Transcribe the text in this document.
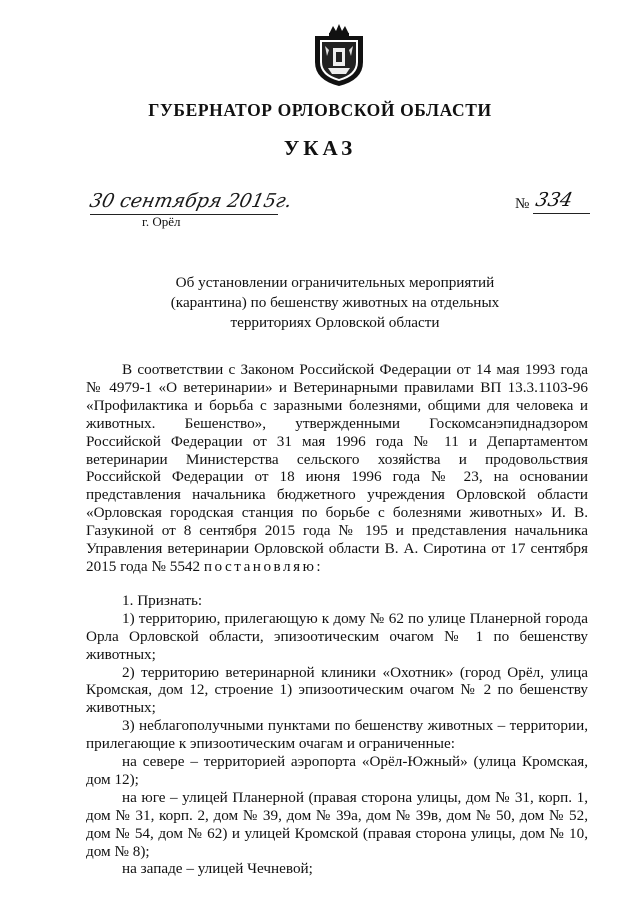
ГУБЕРНАТОР ОРЛОВСКОЙ ОБЛАСТИ
УКАЗ
30 сентября 2015г.
г. Орёл
№ 334
Об установлении ограничительных мероприятий
(карантина) по бешенству животных на отдельных
территориях Орловской области

В соответствии с Законом Российской Федерации от 14 мая 1993 года № 4979-1 «О ветеринарии» и Ветеринарными правилами ВП 13.3.1103-96 «Профилактика и борьба с заразными болезнями, общими для человека и животных. Бешенство», утвержденными Госкомсанэпиднадзором Российской Федерации от 31 мая 1996 года № 11 и Департаментом ветеринарии Министерства сельского хозяйства и продовольствия Российской Федерации от 18 июня 1996 года № 23, на основании представления начальника бюджетного учреждения Орловской области «Орловская городская станция по борьбе с болезнями животных» И. В. Газукиной от 8 сентября 2015 года № 195 и представления начальника Управления ветеринарии Орловской области В. А. Сиротина от 17 сентября 2015 года № 5542 постановляю:

1. Признать:

1) территорию, прилегающую к дому № 62 по улице Планерной города Орла Орловской области, эпизоотическим очагом № 1 по бешенству животных;

2) территорию ветеринарной клиники «Охотник» (город Орёл, улица Кромская, дом 12, строение 1) эпизоотическим очагом № 2 по бешенству животных;

3) неблагополучными пунктами по бешенству животных – территории, прилегающие к эпизоотическим очагам и ограниченные:

на севере – территорией аэропорта «Орёл-Южный» (улица Кромская, дом 12);

на юге – улицей Планерной (правая сторона улицы, дом № 31, корп. 1, дом № 31, корп. 2, дом № 39, дом № 39а, дом № 39в, дом № 50, дом № 52, дом № 54, дом № 62) и улицей Кромской (правая сторона улицы, дом № 10, дом № 8);

на западе – улицей Чечневой;
